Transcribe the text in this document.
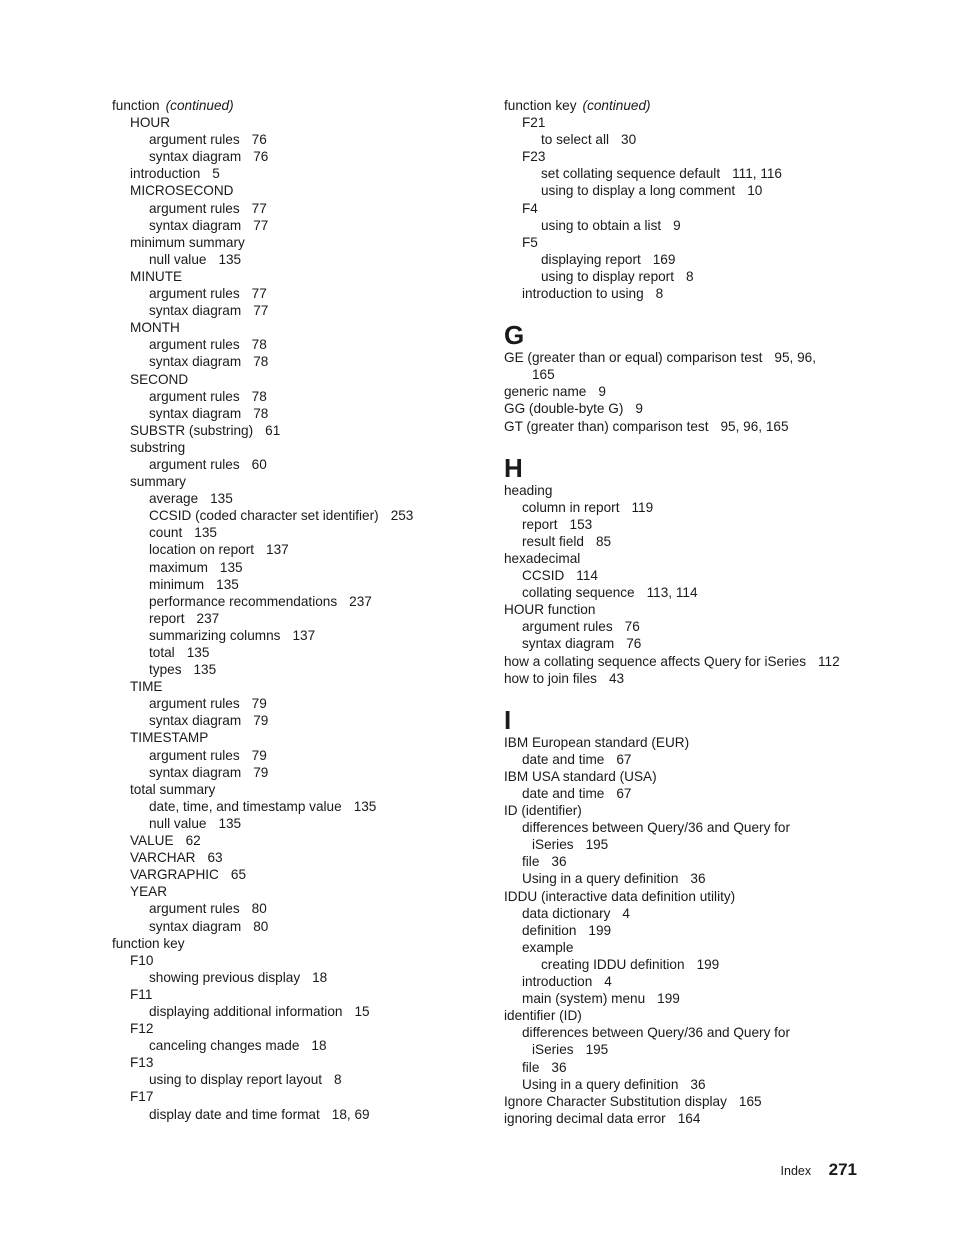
function (continued)
HOUR
argument rules 76
syntax diagram 76
introduction 5
MICROSECOND
argument rules 77
syntax diagram 77
minimum summary
null value 135
MINUTE
argument rules 77
syntax diagram 77
MONTH
argument rules 78
syntax diagram 78
SECOND
argument rules 78
syntax diagram 78
SUBSTR (substring) 61
substring
argument rules 60
summary
average 135
CCSID (coded character set identifier) 253
count 135
location on report 137
maximum 135
minimum 135
performance recommendations 237
report 237
summarizing columns 137
total 135
types 135
TIME
argument rules 79
syntax diagram 79
TIMESTAMP
argument rules 79
syntax diagram 79
total summary
date, time, and timestamp value 135
null value 135
VALUE 62
VARCHAR 63
VARGRAPHIC 65
YEAR
argument rules 80
syntax diagram 80
function key
F10
showing previous display 18
F11
displaying additional information 15
F12
canceling changes made 18
F13
using to display report layout 8
F17
display date and time format 18, 69
function key (continued)
F21
to select all 30
F23
set collating sequence default 111, 116
using to display a long comment 10
F4
using to obtain a list 9
F5
displaying report 169
using to display report 8
introduction to using 8
G
GE (greater than or equal) comparison test 95, 96,
165
generic name 9
GG (double-byte G) 9
GT (greater than) comparison test 95, 96, 165
H
heading
column in report 119
report 153
result field 85
hexadecimal
CCSID 114
collating sequence 113, 114
HOUR function
argument rules 76
syntax diagram 76
how a collating sequence affects Query for iSeries 112
how to join files 43
I
IBM European standard (EUR)
date and time 67
IBM USA standard (USA)
date and time 67
ID (identifier)
differences between Query/36 and Query for
iSeries 195
file 36
Using in a query definition 36
IDDU (interactive data definition utility)
data dictionary 4
definition 199
example
creating IDDU definition 199
introduction 4
main (system) menu 199
identifier (ID)
differences between Query/36 and Query for
iSeries 195
file 36
Using in a query definition 36
Ignore Character Substitution display 165
ignoring decimal data error 164
Index 271
